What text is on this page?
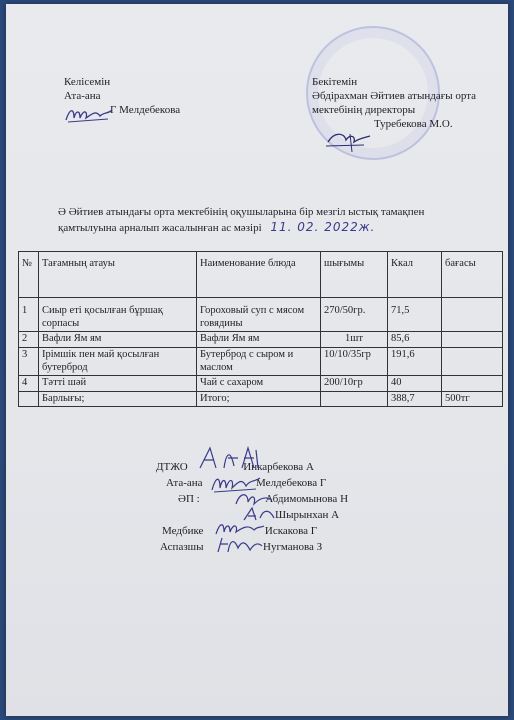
Келісемін
Ата-ана
Г Мелдебекова
Бекітемін
Әбдірахман Әйтиев атындағы орта
мектебінің директоры
Туребекова М.О.
Ә Әйтиев атындағы орта мектебінің оқушыларына бір мезгіл ыстық тамақпен
қамтылуына арналып жасалынған ас мәзірі 11. 02. 2022ж.
№	Тағамның атауы	Наименование блюда	шығымы	Ккал	бағасы
1	Сиыр еті қосылған бұршақ сорпасы	Гороховый суп с мясом говядины	270/50гр.	71,5	
2	Вафли Ям ям	Вафли Ям ям	1шт	85,6	
3	Ірімшік пен май қосылған бутерброд	Бутерброд с сыром и маслом	10/10/35гр	191,6	
4	Тәтті шәй	Чай с сахаром	200/10гр	40	
	Барлығы;	Итого;		388,7	500тг
ДТЖО	Инкарбекова А
Ата-ана	Мелдебекова Г
ӘП :	Абдимомынова Н
Шырынхан А
Медбике	Искакова Г
Аспазшы	Нугманова З
